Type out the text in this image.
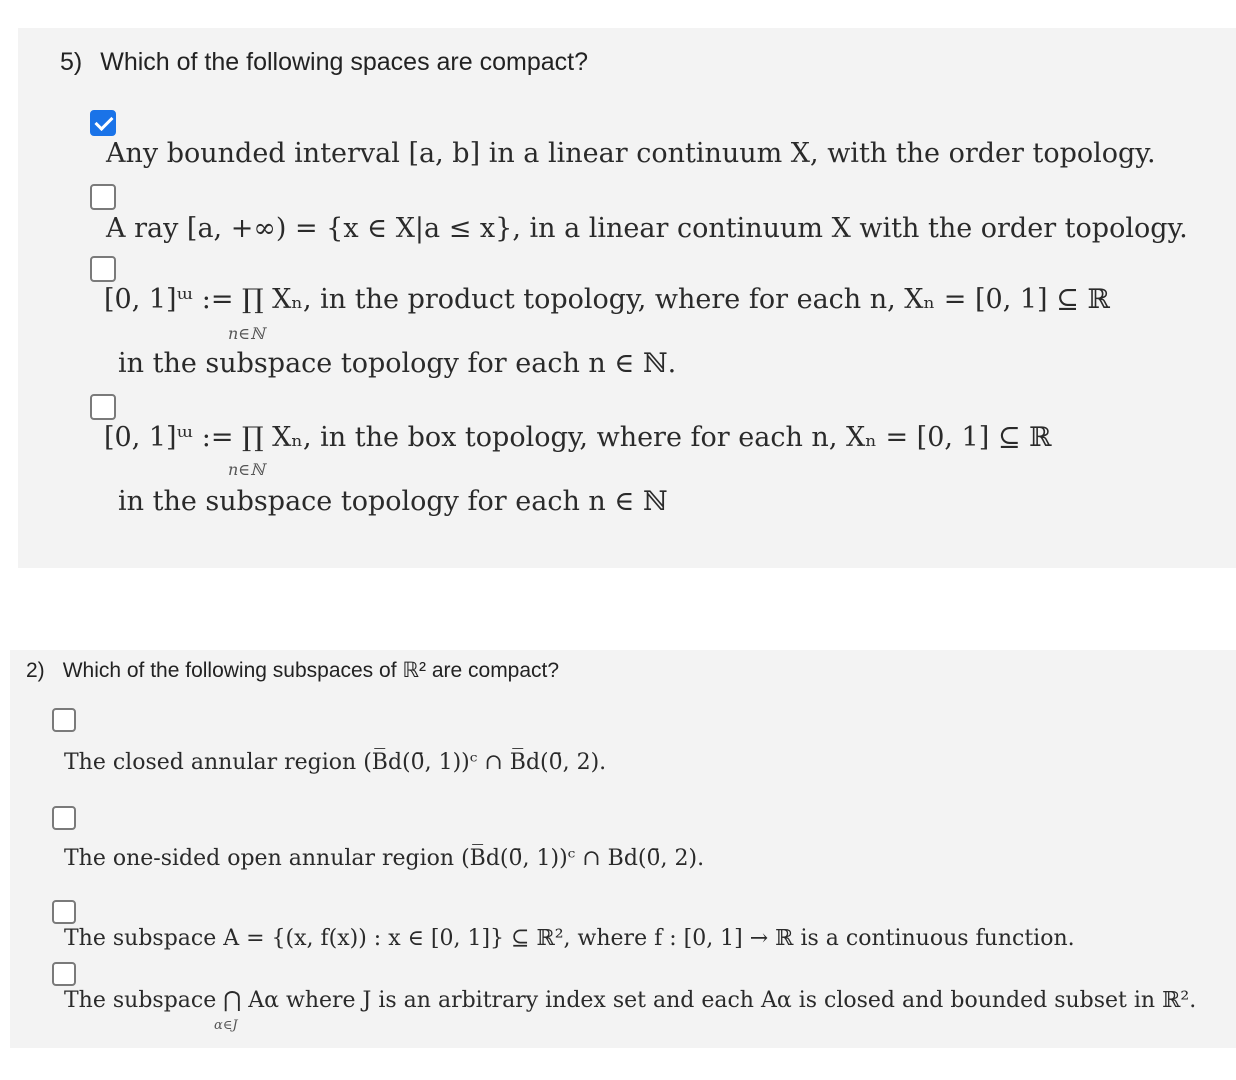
5) Which of the following spaces are compact?
Any bounded interval [a, b] in a linear continuum X, with the order topology.
A ray [a, +∞) = {x ∈ X|a ≤ x}, in a linear continuum X with the order topology.
[0, 1]ᵚ := ∏ Xₙ, in the product topology, where for each n, Xₙ = [0, 1] ⊆ ℝ
n∈ℕ
in the subspace topology for each n ∈ ℕ.
[0, 1]ᵚ := ∏ Xₙ, in the box topology, where for each n, Xₙ = [0, 1] ⊆ ℝ
n∈ℕ
in the subspace topology for each n ∈ ℕ
2) Which of the following subspaces of ℝ² are compact?
The closed annular region (B̅d(0̄, 1))ᶜ ∩ B̅d(0̄, 2).
The one-sided open annular region (B̅d(0̄, 1))ᶜ ∩ Bd(0̄, 2).
The subspace A = {(x, f(x)) : x ∈ [0, 1]} ⊆ ℝ², where f : [0, 1] → ℝ is a continuous function.
The subspace ⋂ Aα where J is an arbitrary index set and each Aα is closed and bounded subset in ℝ².
α∈J
